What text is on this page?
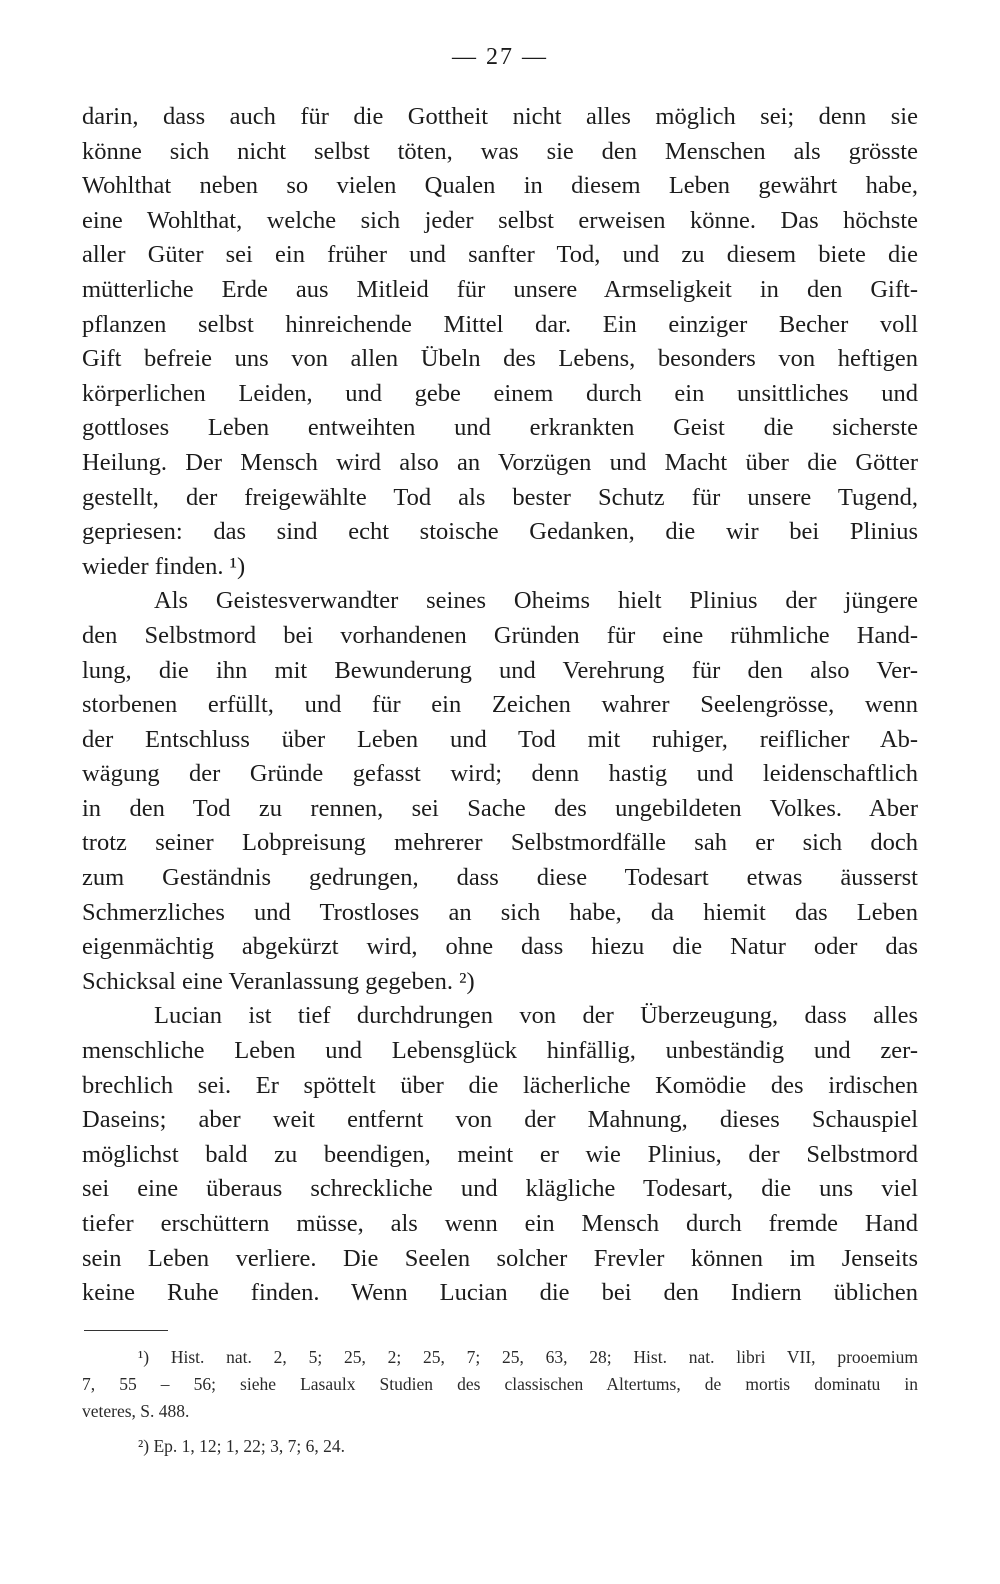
— 27 —
darin, dass auch für die Gottheit nicht alles möglich sei; denn sie
könne sich nicht selbst töten, was sie den Menschen als grösste
Wohlthat neben so vielen Qualen in diesem Leben gewährt habe,
eine Wohlthat, welche sich jeder selbst erweisen könne. Das höchste
aller Güter sei ein früher und sanfter Tod, und zu diesem biete die
mütterliche Erde aus Mitleid für unsere Armseligkeit in den Gift-
pflanzen selbst hinreichende Mittel dar. Ein einziger Becher voll
Gift befreie uns von allen Übeln des Lebens, besonders von heftigen
körperlichen Leiden, und gebe einem durch ein unsittliches und
gottloses Leben entweihten und erkrankten Geist die sicherste
Heilung. Der Mensch wird also an Vorzügen und Macht über die Götter
gestellt, der freigewählte Tod als bester Schutz für unsere Tugend,
gepriesen: das sind echt stoische Gedanken, die wir bei Plinius
wieder finden. ¹)
Als Geistesverwandter seines Oheims hielt Plinius der jüngere
den Selbstmord bei vorhandenen Gründen für eine rühmliche Hand-
lung, die ihn mit Bewunderung und Verehrung für den also Ver-
storbenen erfüllt, und für ein Zeichen wahrer Seelengrösse, wenn
der Entschluss über Leben und Tod mit ruhiger, reiflicher Ab-
wägung der Gründe gefasst wird; denn hastig und leidenschaftlich
in den Tod zu rennen, sei Sache des ungebildeten Volkes. Aber
trotz seiner Lobpreisung mehrerer Selbstmordfälle sah er sich doch
zum Geständnis gedrungen, dass diese Todesart etwas äusserst
Schmerzliches und Trostloses an sich habe, da hiemit das Leben
eigenmächtig abgekürzt wird, ohne dass hiezu die Natur oder das
Schicksal eine Veranlassung gegeben. ²)
Lucian ist tief durchdrungen von der Überzeugung, dass alles
menschliche Leben und Lebensglück hinfällig, unbeständig und zer-
brechlich sei. Er spöttelt über die lächerliche Komödie des irdischen
Daseins; aber weit entfernt von der Mahnung, dieses Schauspiel
möglichst bald zu beendigen, meint er wie Plinius, der Selbstmord
sei eine überaus schreckliche und klägliche Todesart, die uns viel
tiefer erschüttern müsse, als wenn ein Mensch durch fremde Hand
sein Leben verliere. Die Seelen solcher Frevler können im Jenseits
keine Ruhe finden. Wenn Lucian die bei den Indiern üblichen
¹) Hist. nat. 2, 5; 25, 2; 25, 7; 25, 63, 28; Hist. nat. libri VII, prooemium
7, 55 – 56; siehe Lasaulx Studien des classischen Altertums, de mortis dominatu in
veteres, S. 488.
²) Ep. 1, 12; 1, 22; 3, 7; 6, 24.
